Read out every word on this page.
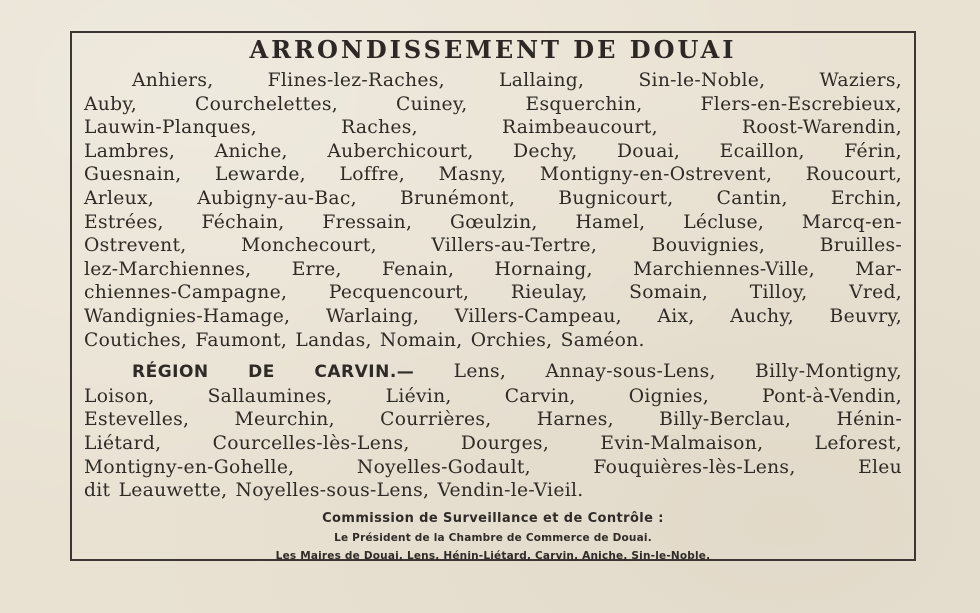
ARRONDISSEMENT DE DOUAI
Anhiers, Flines-lez-Raches, Lallaing, Sin-le-Noble, Waziers,
Auby, Courchelettes, Cuiney, Esquerchin, Flers-en-Escrebieux,
Lauwin-Planques, Raches, Raimbeaucourt, Roost-Warendin,
Lambres, Aniche, Auberchicourt, Dechy, Douai, Ecaillon, Férin,
Guesnain, Lewarde, Loffre, Masny, Montigny-en-Ostrevent, Roucourt,
Arleux, Aubigny-au-Bac, Brunémont, Bugnicourt, Cantin, Erchin,
Estrées, Féchain, Fressain, Gœulzin, Hamel, Lécluse, Marcq-en-
Ostrevent, Monchecourt, Villers-au-Tertre, Bouvignies, Bruilles-
lez-Marchiennes, Erre, Fenain, Hornaing, Marchiennes-Ville, Mar-
chiennes-Campagne, Pecquencourt, Rieulay, Somain, Tilloy, Vred,
Wandignies-Hamage, Warlaing, Villers-Campeau, Aix, Auchy, Beuvry,
Coutiches, Faumont, Landas, Nomain, Orchies, Saméon.
RÉGION DE CARVIN.— Lens, Annay-sous-Lens, Billy-Montigny,
Loison, Sallaumines, Liévin, Carvin, Oignies, Pont-à-Vendin,
Estevelles, Meurchin, Courrières, Harnes, Billy-Berclau, Hénin-
Liétard, Courcelles-lès-Lens, Dourges, Evin-Malmaison, Leforest,
Montigny-en-Gohelle, Noyelles-Godault, Fouquières-lès-Lens, Eleu
dit Leauwette, Noyelles-sous-Lens, Vendin-le-Vieil.
Commission de Surveillance et de Contrôle :
Le Président de la Chambre de Commerce de Douai.
Les Maires de Douai, Lens, Hénin-Liétard, Carvin, Aniche, Sin-le-Noble.
